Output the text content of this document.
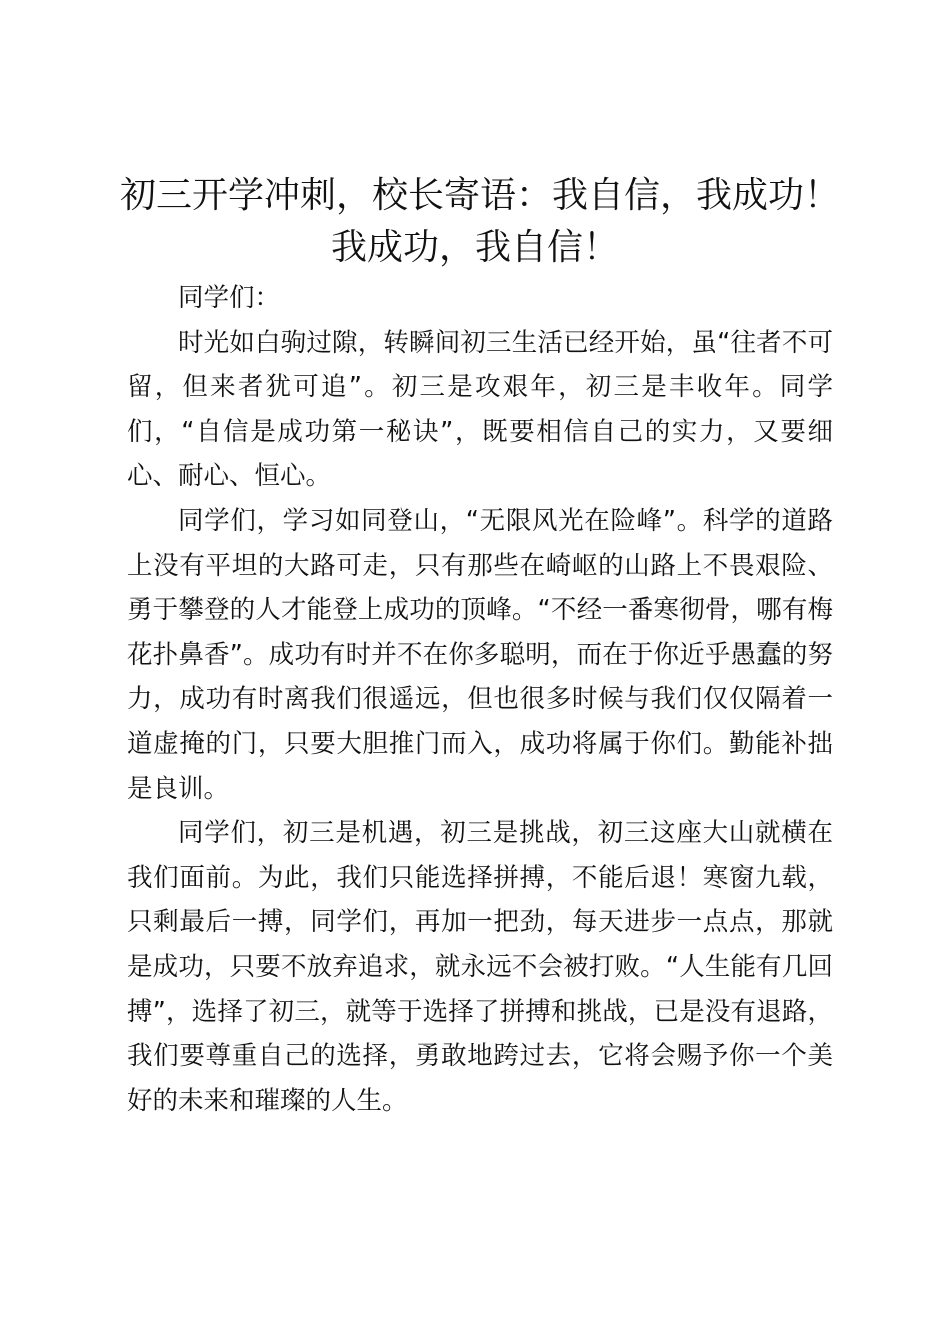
初三开学冲刺，校长寄语：我自信，我成功！
我成功，我自信！

同学们：

时光如白驹过隙，转瞬间初三生活已经开始，虽“往者不可留，但来者犹可追”。初三是攻艰年，初三是丰收年。同学们，“自信是成功第一秘诀”，既要相信自己的实力，又要细心、耐心、恒心。

同学们，学习如同登山，“无限风光在险峰”。科学的道路上没有平坦的大路可走，只有那些在崎岖的山路上不畏艰险、勇于攀登的人才能登上成功的顶峰。“不经一番寒彻骨，哪有梅花扑鼻香”。成功有时并不在你多聪明，而在于你近乎愚蠢的努力，成功有时离我们很遥远，但也很多时候与我们仅仅隔着一道虚掩的门，只要大胆推门而入，成功将属于你们。勤能补拙是良训。

同学们，初三是机遇，初三是挑战，初三这座大山就横在我们面前。为此，我们只能选择拼搏，不能后退！寒窗九载，只剩最后一搏，同学们，再加一把劲，每天进步一点点，那就是成功，只要不放弃追求，就永远不会被打败。“人生能有几回搏”，选择了初三，就等于选择了拼搏和挑战，已是没有退路，我们要尊重自己的选择，勇敢地跨过去，它将会赐予你一个美好的未来和璀璨的人生。
